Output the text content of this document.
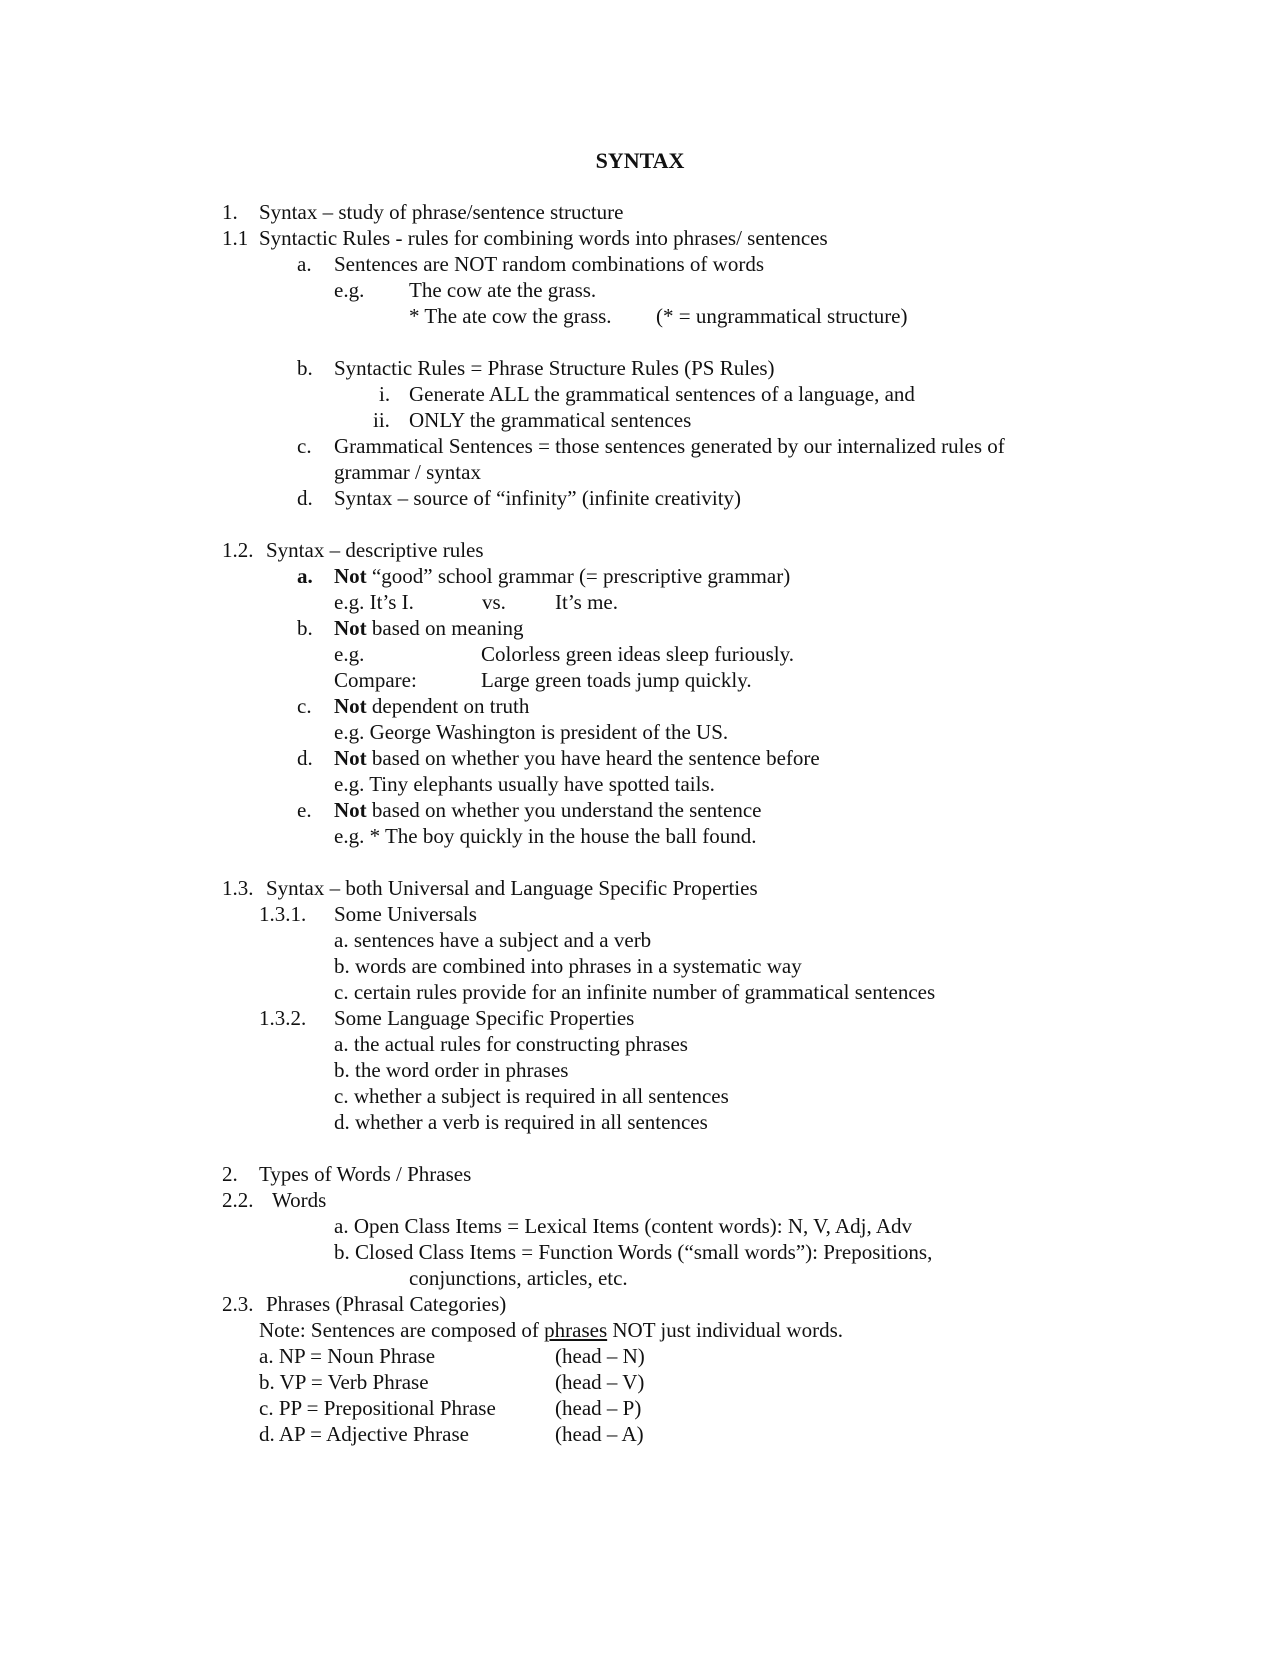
SYNTAX
1. Syntax – study of phrase/sentence structure
1.1 Syntactic Rules - rules for combining words into phrases/ sentences
a. Sentences are NOT random combinations of words
e.g. The cow ate the grass.
* The ate cow the grass. (* = ungrammatical structure)
b. Syntactic Rules = Phrase Structure Rules (PS Rules)
i. Generate ALL the grammatical sentences of a language, and
ii. ONLY the grammatical sentences
c. Grammatical Sentences = those sentences generated by our internalized rules of
grammar / syntax
d. Syntax – source of “infinity” (infinite creativity)
1.2. Syntax – descriptive rules
a. Not “good” school grammar (= prescriptive grammar)
e.g. It’s I.	vs. It’s me.
b. Not based on meaning
e.g.	Colorless green ideas sleep furiously.
Compare:	Large green toads jump quickly.
c. Not dependent on truth
e.g. George Washington is president of the US.
d. Not based on whether you have heard the sentence before
e.g. Tiny elephants usually have spotted tails.
e. Not based on whether you understand the sentence
e.g. * The boy quickly in the house the ball found.
1.3. Syntax – both Universal and Language Specific Properties
1.3.1. Some Universals
a. sentences have a subject and a verb
b. words are combined into phrases in a systematic way
c. certain rules provide for an infinite number of grammatical sentences
1.3.2. Some Language Specific Properties
a. the actual rules for constructing phrases
b. the word order in phrases
c. whether a subject is required in all sentences
d. whether a verb is required in all sentences
2. Types of Words / Phrases
2.2. Words
a. Open Class Items = Lexical Items (content words): N, V, Adj, Adv
b. Closed Class Items = Function Words (“small words”): Prepositions,
conjunctions, articles, etc.
2.3. Phrases (Phrasal Categories)
Note: Sentences are composed of phrases NOT just individual words.
a. NP = Noun Phrase	(head – N)
b. VP = Verb Phrase	(head – V)
c. PP = Prepositional Phrase	(head – P)
d. AP = Adjective Phrase	(head – A)
